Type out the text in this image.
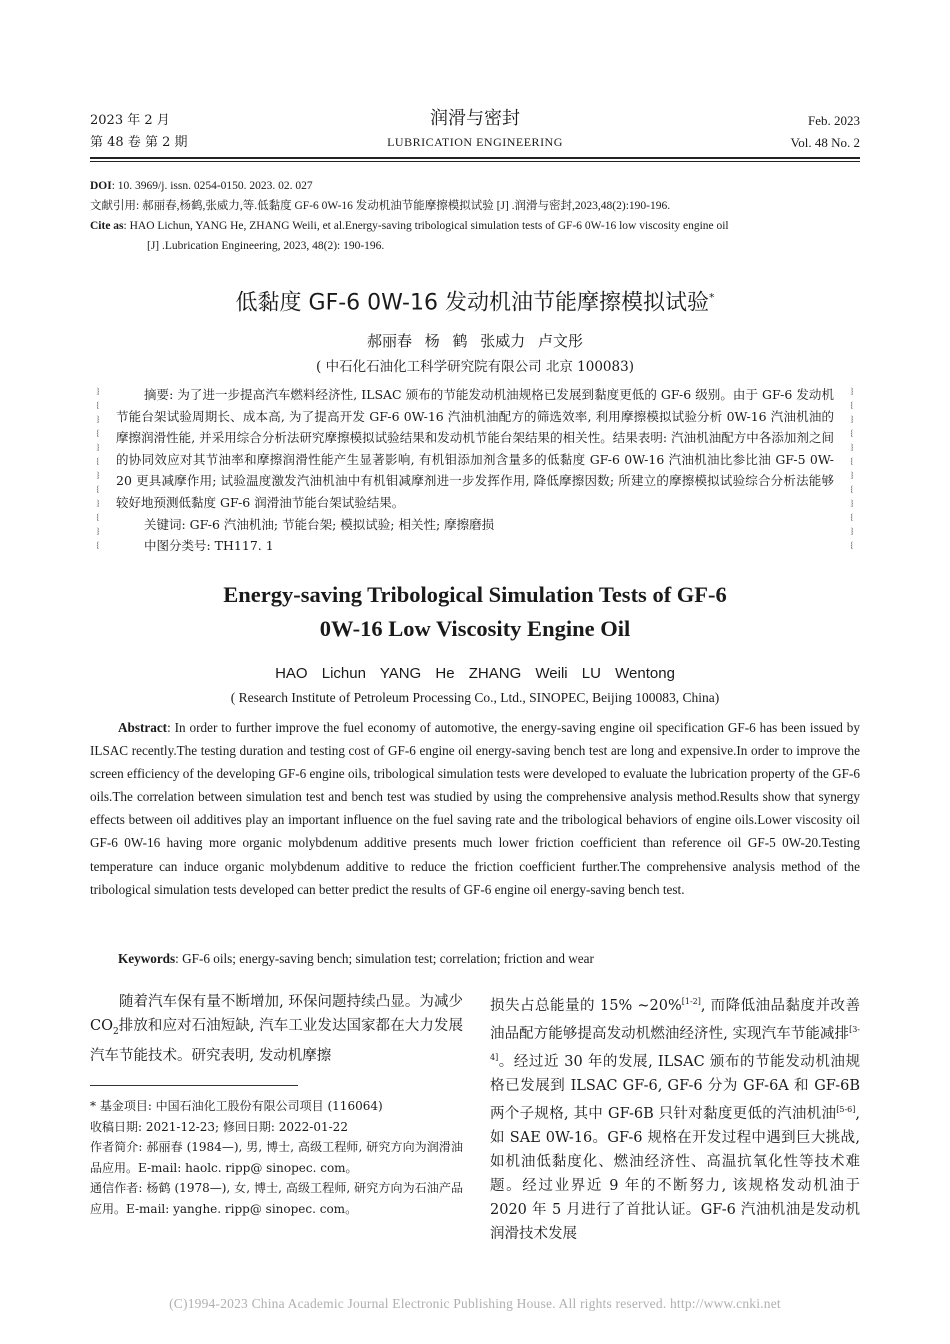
2023 年 2 月
第 48 卷 第 2 期
润滑与密封
LUBRICATION ENGINEERING
Feb. 2023
Vol. 48 No. 2
DOI: 10. 3969/j. issn. 0254-0150. 2023. 02. 027
文献引用: 郝丽春,杨鹤,张威力,等.低黏度 GF-6 0W-16 发动机油节能摩擦模拟试验 [J] .润滑与密封,2023,48(2):190-196.
Cite as: HAO Lichun, YANG He, ZHANG Weili, et al.Energy-saving tribological simulation tests of GF-6 0W-16 low viscosity engine oil
[J] .Lubrication Engineering, 2023, 48(2): 190-196.
低黏度 GF-6 0W-16 发动机油节能摩擦模拟试验*
郝丽春 杨 鹤 张威力 卢文彤
( 中石化石油化工科学研究院有限公司 北京 100083)
﹜
﹛
﹜
﹛
﹜
﹛
﹜
﹛
﹜
﹛
﹜
﹛
摘要: 为了进一步提高汽车燃料经济性, ILSAC 颁布的节能发动机油规格已发展到黏度更低的 GF-6 级别。由于 GF-6 发动机节能台架试验周期长、成本高, 为了提高开发 GF-6 0W-16 汽油机油配方的筛选效率, 利用摩擦模拟试验分析 0W-16 汽油机油的摩擦润滑性能, 并采用综合分析法研究摩擦模拟试验结果和发动机节能台架结果的相关性。结果表明: 汽油机油配方中各添加剂之间的协同效应对其节油率和摩擦润滑性能产生显著影响, 有机钼添加剂含量多的低黏度 GF-6 0W-16 汽油机油比参比油 GF-5 0W-20 更具减摩作用; 试验温度激发汽油机油中有机钼减摩剂进一步发挥作用, 降低摩擦因数; 所建立的摩擦模拟试验综合分析法能够较好地预测低黏度 GF-6 润滑油节能台架试验结果。
关键词: GF-6 汽油机油; 节能台架; 模拟试验; 相关性; 摩擦磨损
中图分类号: TH117. 1
﹜
﹛
﹜
﹛
﹜
﹛
﹜
﹛
﹜
﹛
﹜
﹛
Energy-saving Tribological Simulation Tests of GF-6
0W-16 Low Viscosity Engine Oil
HAO Lichun YANG He ZHANG Weili LU Wentong
( Research Institute of Petroleum Processing Co., Ltd., SINOPEC, Beijing 100083, China)
Abstract: In order to further improve the fuel economy of automotive, the energy-saving engine oil specification GF-6 has been issued by ILSAC recently.The testing duration and testing cost of GF-6 engine oil energy-saving bench test are long and expensive.In order to improve the screen efficiency of the developing GF-6 engine oils, tribological simulation tests were developed to evaluate the lubrication property of the GF-6 oils.The correlation between simulation test and bench test was studied by using the comprehensive analysis method.Results show that synergy effects between oil additives play an important influence on the fuel saving rate and the tribological behaviors of engine oils.Lower viscosity oil GF-6 0W-16 having more organic molybdenum additive presents much lower friction coefficient than reference oil GF-5 0W-20.Testing temperature can induce organic molybdenum additive to reduce the friction coefficient further.The comprehensive analysis method of the tribological simulation tests developed can better predict the results of GF-6 engine oil energy-saving bench test.
Keywords: GF-6 oils; energy-saving bench; simulation test; correlation; friction and wear
随着汽车保有量不断增加, 环保问题持续凸显。为减少 $CO_2$排放和应对石油短缺, 汽车工业发达国家都在大力发展汽车节能技术。研究表明, 发动机摩擦

* 基金项目: 中国石油化工股份有限公司项目 (116064)

收稿日期: 2021-12-23; 修回日期: 2022-01-22

作者简介: 郝丽春 (1984—), 男, 博士, 高级工程师, 研究方向为润滑油品应用。E-mail: haolc. ripp@ sinopec. com。

通信作者: 杨鹤 (1978—), 女, 博士, 高级工程师, 研究方向为石油产品应用。E-mail: yanghe. ripp@ sinopec. com。

损失占总能量的 15% ~20%[1-2], 而降低油品黏度并改善油品配方能够提高发动机燃油经济性, 实现汽车节能减排[3-4]。经过近 30 年的发展, ILSAC 颁布的节能发动机油规格已发展到 ILSAC GF-6, GF-6 分为 GF-6A 和 GF-6B 两个子规格, 其中 GF-6B 只针对黏度更低的汽油机油[5-6], 如 SAE 0W-16。GF-6 规格在开发过程中遇到巨大挑战, 如机油低黏度化、燃油经济性、高温抗氧化性等技术难题。经过业界近 9 年的不断努力, 该规格发动机油于 2020 年 5 月进行了首批认证。GF-6 汽油机油是发动机润滑技术发展
(C)1994-2023 China Academic Journal Electronic Publishing House. All rights reserved. http://www.cnki.net
